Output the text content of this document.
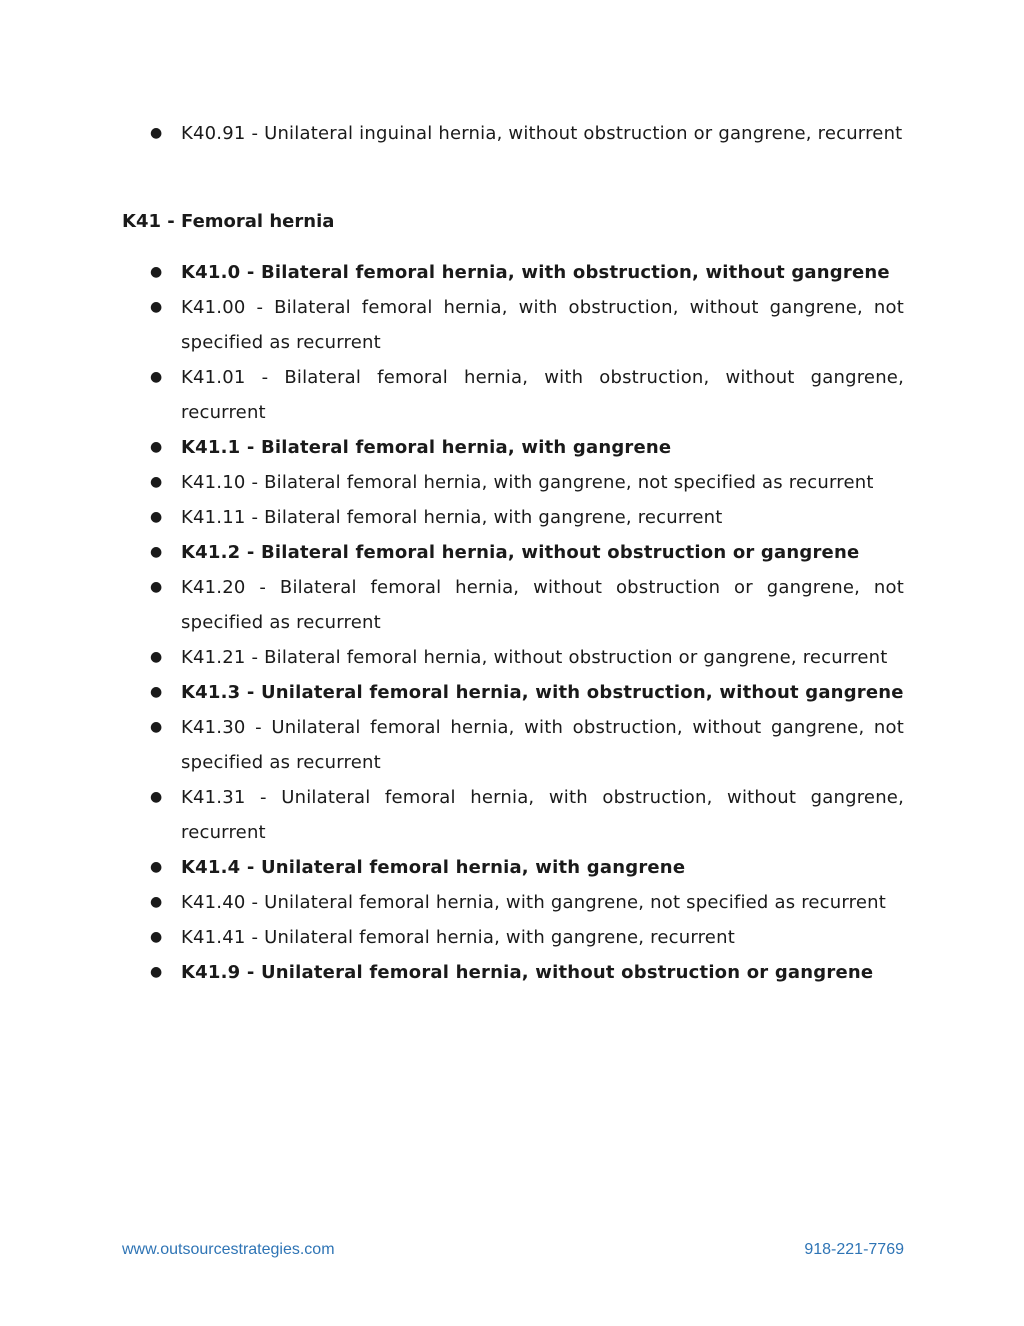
● K40.91 - Unilateral inguinal hernia, without obstruction or gangrene, recurrent
K41 - Femoral hernia
● K41.0 - Bilateral femoral hernia, with obstruction, without gangrene
● K41.00 - Bilateral femoral hernia, with obstruction, without gangrene, not specified as recurrent
● K41.01 - Bilateral femoral hernia, with obstruction, without gangrene, recurrent
● K41.1 - Bilateral femoral hernia, with gangrene
● K41.10 - Bilateral femoral hernia, with gangrene, not specified as recurrent
● K41.11 - Bilateral femoral hernia, with gangrene, recurrent
● K41.2 - Bilateral femoral hernia, without obstruction or gangrene
● K41.20 - Bilateral femoral hernia, without obstruction or gangrene, not specified as recurrent
● K41.21 - Bilateral femoral hernia, without obstruction or gangrene, recurrent
● K41.3 - Unilateral femoral hernia, with obstruction, without gangrene
● K41.30 - Unilateral femoral hernia, with obstruction, without gangrene, not specified as recurrent
● K41.31 - Unilateral femoral hernia, with obstruction, without gangrene, recurrent
● K41.4 - Unilateral femoral hernia, with gangrene
● K41.40 - Unilateral femoral hernia, with gangrene, not specified as recurrent
● K41.41 - Unilateral femoral hernia, with gangrene, recurrent
● K41.9 - Unilateral femoral hernia, without obstruction or gangrene
www.outsourcestrategies.com	918-221-7769
